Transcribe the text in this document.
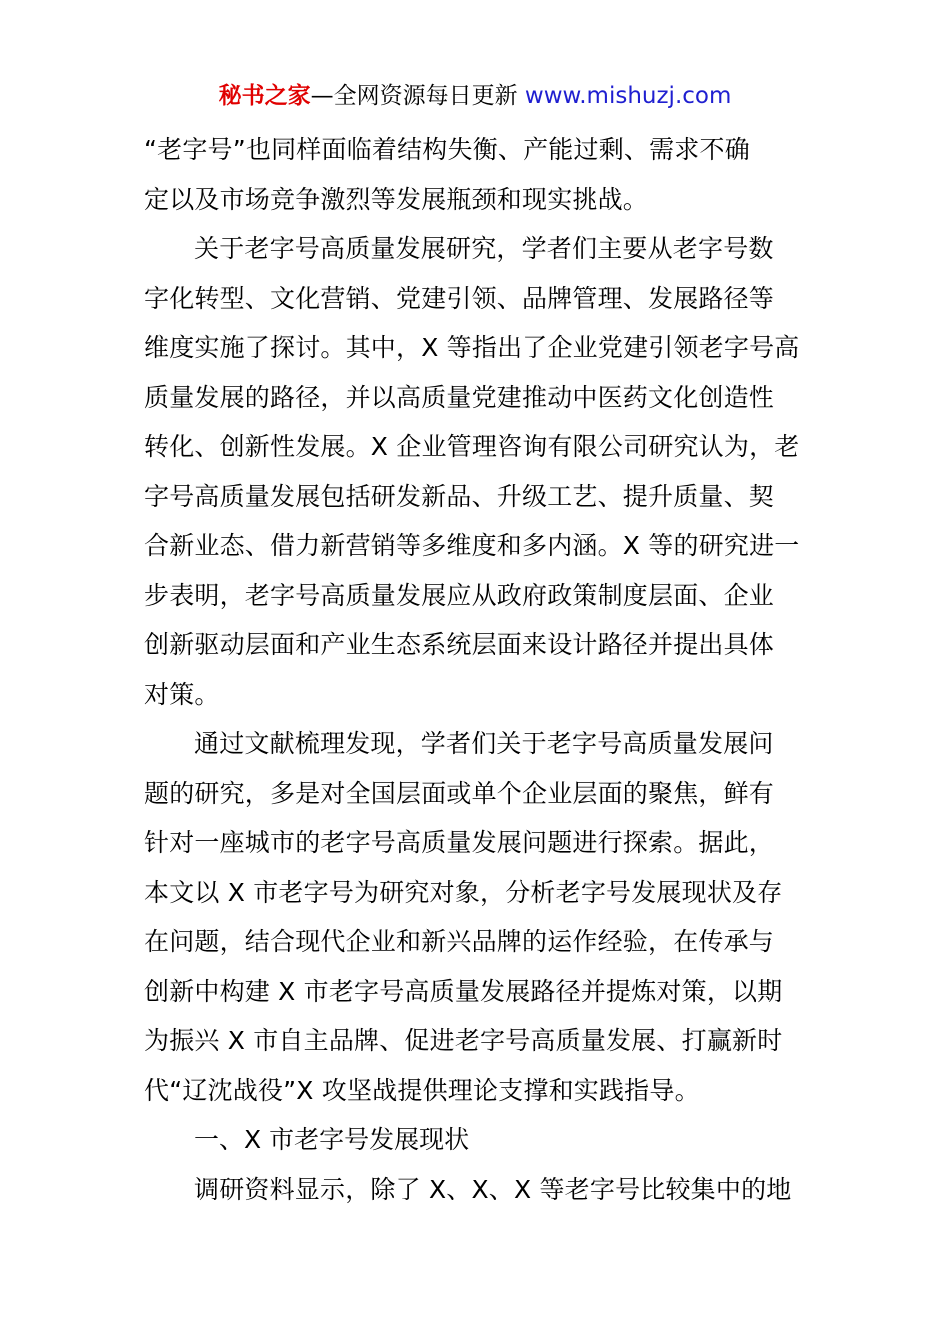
秘书之家—全网资源每日更新 www.mishuzj.com

“老字号”也同样面临着结构失衡、产能过剩、需求不确
定以及市场竞争激烈等发展瓶颈和现实挑战。

关于老字号高质量发展研究，学者们主要从老字号数
字化转型、文化营销、党建引领、品牌管理、发展路径等
维度实施了探讨。其中，X 等指出了企业党建引领老字号高
质量发展的路径，并以高质量党建推动中医药文化创造性
转化、创新性发展。X 企业管理咨询有限公司研究认为，老
字号高质量发展包括研发新品、升级工艺、提升质量、契
合新业态、借力新营销等多维度和多内涵。X 等的研究进一
步表明，老字号高质量发展应从政府政策制度层面、企业
创新驱动层面和产业生态系统层面来设计路径并提出具体
对策。

通过文献梳理发现，学者们关于老字号高质量发展问
题的研究，多是对全国层面或单个企业层面的聚焦，鲜有
针对一座城市的老字号高质量发展问题进行探索。据此，
本文以 X 市老字号为研究对象，分析老字号发展现状及存
在问题，结合现代企业和新兴品牌的运作经验，在传承与
创新中构建 X 市老字号高质量发展路径并提炼对策，以期
为振兴 X 市自主品牌、促进老字号高质量发展、打赢新时
代“辽沈战役”X 攻坚战提供理论支撑和实践指导。

一、X 市老字号发展现状

调研资料显示，除了 X、X、X 等老字号比较集中的地
